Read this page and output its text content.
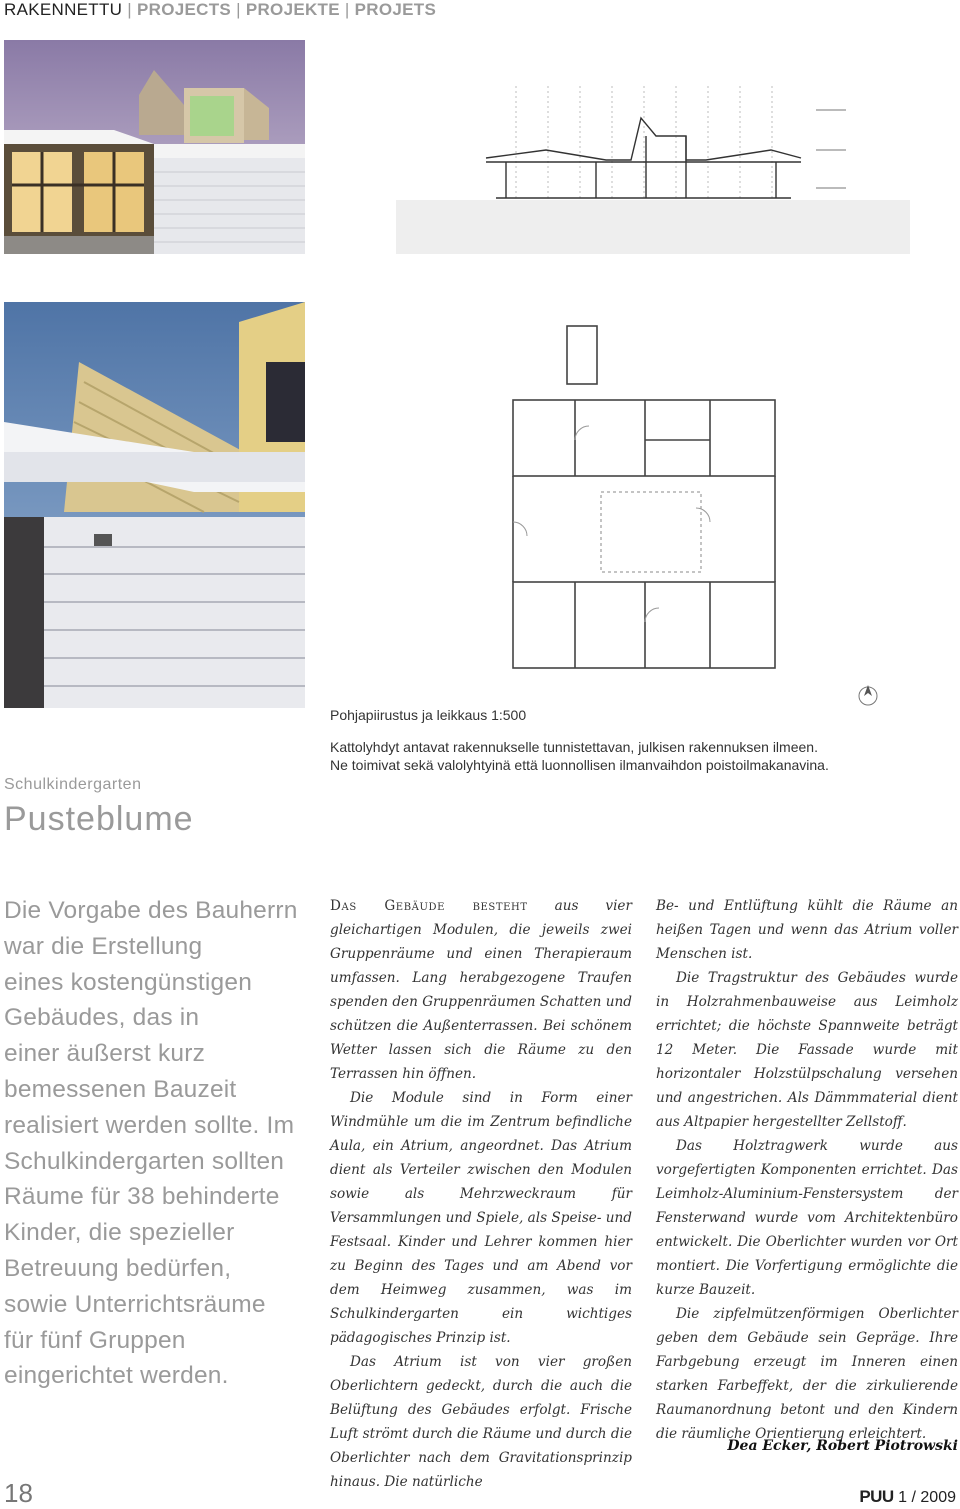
RAKENNETTU | PROJECTS | PROJEKTE | PROJETS
Pohjapiirustus ja leikkaus 1:500
Kattolyhdyt antavat rakennukselle tunnistettavan, julkisen rakennuksen ilmeen.
Ne toimivat sekä valolyhtyinä että luonnollisen ilmanvaihdon poistoilmakanavina.
Schulkindergarten
Pusteblume

Die Vorgabe des Bauherrn

war die Erstellung

eines kostengünstigen

Gebäudes, das in

einer äußerst kurz

bemessenen Bauzeit

realisiert werden sollte. Im

Schulkindergarten sollten

Räume für 38 behinderte

Kinder, die spezieller

Betreuung bedürfen,

sowie Unterrichtsräume

für fünf Gruppen

eingerichtet werden.

Das Gebäude besteht aus vier gleichartigen Modulen, die jeweils zwei Gruppenräume und einen Therapieraum umfassen. Lang herabgezogene Traufen spenden den Gruppenräumen Schatten und schützen die Außenterrassen. Bei schönem Wetter lassen sich die Räume zu den Terrassen hin öffnen.

Die Module sind in Form einer Windmühle um die im Zentrum befindliche Aula, ein Atrium, angeordnet. Das Atrium dient als Verteiler zwischen den Modulen sowie als Mehrzweckraum für Versammlungen und Spiele, als Speise- und Festsaal. Kinder und Lehrer kommen hier zu Beginn des Tages und am Abend vor dem Heimweg zusammen, was im Schulkindergarten ein wichtiges pädagogisches Prinzip ist.

Das Atrium ist von vier großen Oberlichtern gedeckt, durch die auch die Belüftung des Gebäudes erfolgt. Frische Luft strömt durch die Räume und durch die Oberlichter nach dem Gravitationsprinzip hinaus. Die natürliche

Be- und Entlüftung kühlt die Räume an heißen Tagen und wenn das Atrium voller Menschen ist.

Die Tragstruktur des Gebäudes wurde in Holzrahmenbauweise aus Leimholz errichtet; die höchste Spannweite beträgt 12 Meter. Die Fassade wurde mit horizontaler Holzstülpschalung versehen und angestrichen. Als Dämmmaterial dient aus Altpapier hergestellter Zellstoff.

Das Holztragwerk wurde aus vorgefertigten Komponenten errichtet. Das Leimholz-Aluminium-Fenstersystem der Fensterwand wurde vom Architektenbüro entwickelt. Die Oberlichter wurden vor Ort montiert. Die Vorfertigung ermöglichte die kurze Bauzeit.

Die zipfelmützenförmigen Oberlichter geben dem Gebäude sein Gepräge. Ihre Farbgebung erzeugt im Inneren einen starken Farbeffekt, der die zirkulierende Raumanordnung betont und den Kindern die räumliche Orientierung erleichtert.

Dea Ecker, Robert Piotrowski
18	PUU 1 / 2009
